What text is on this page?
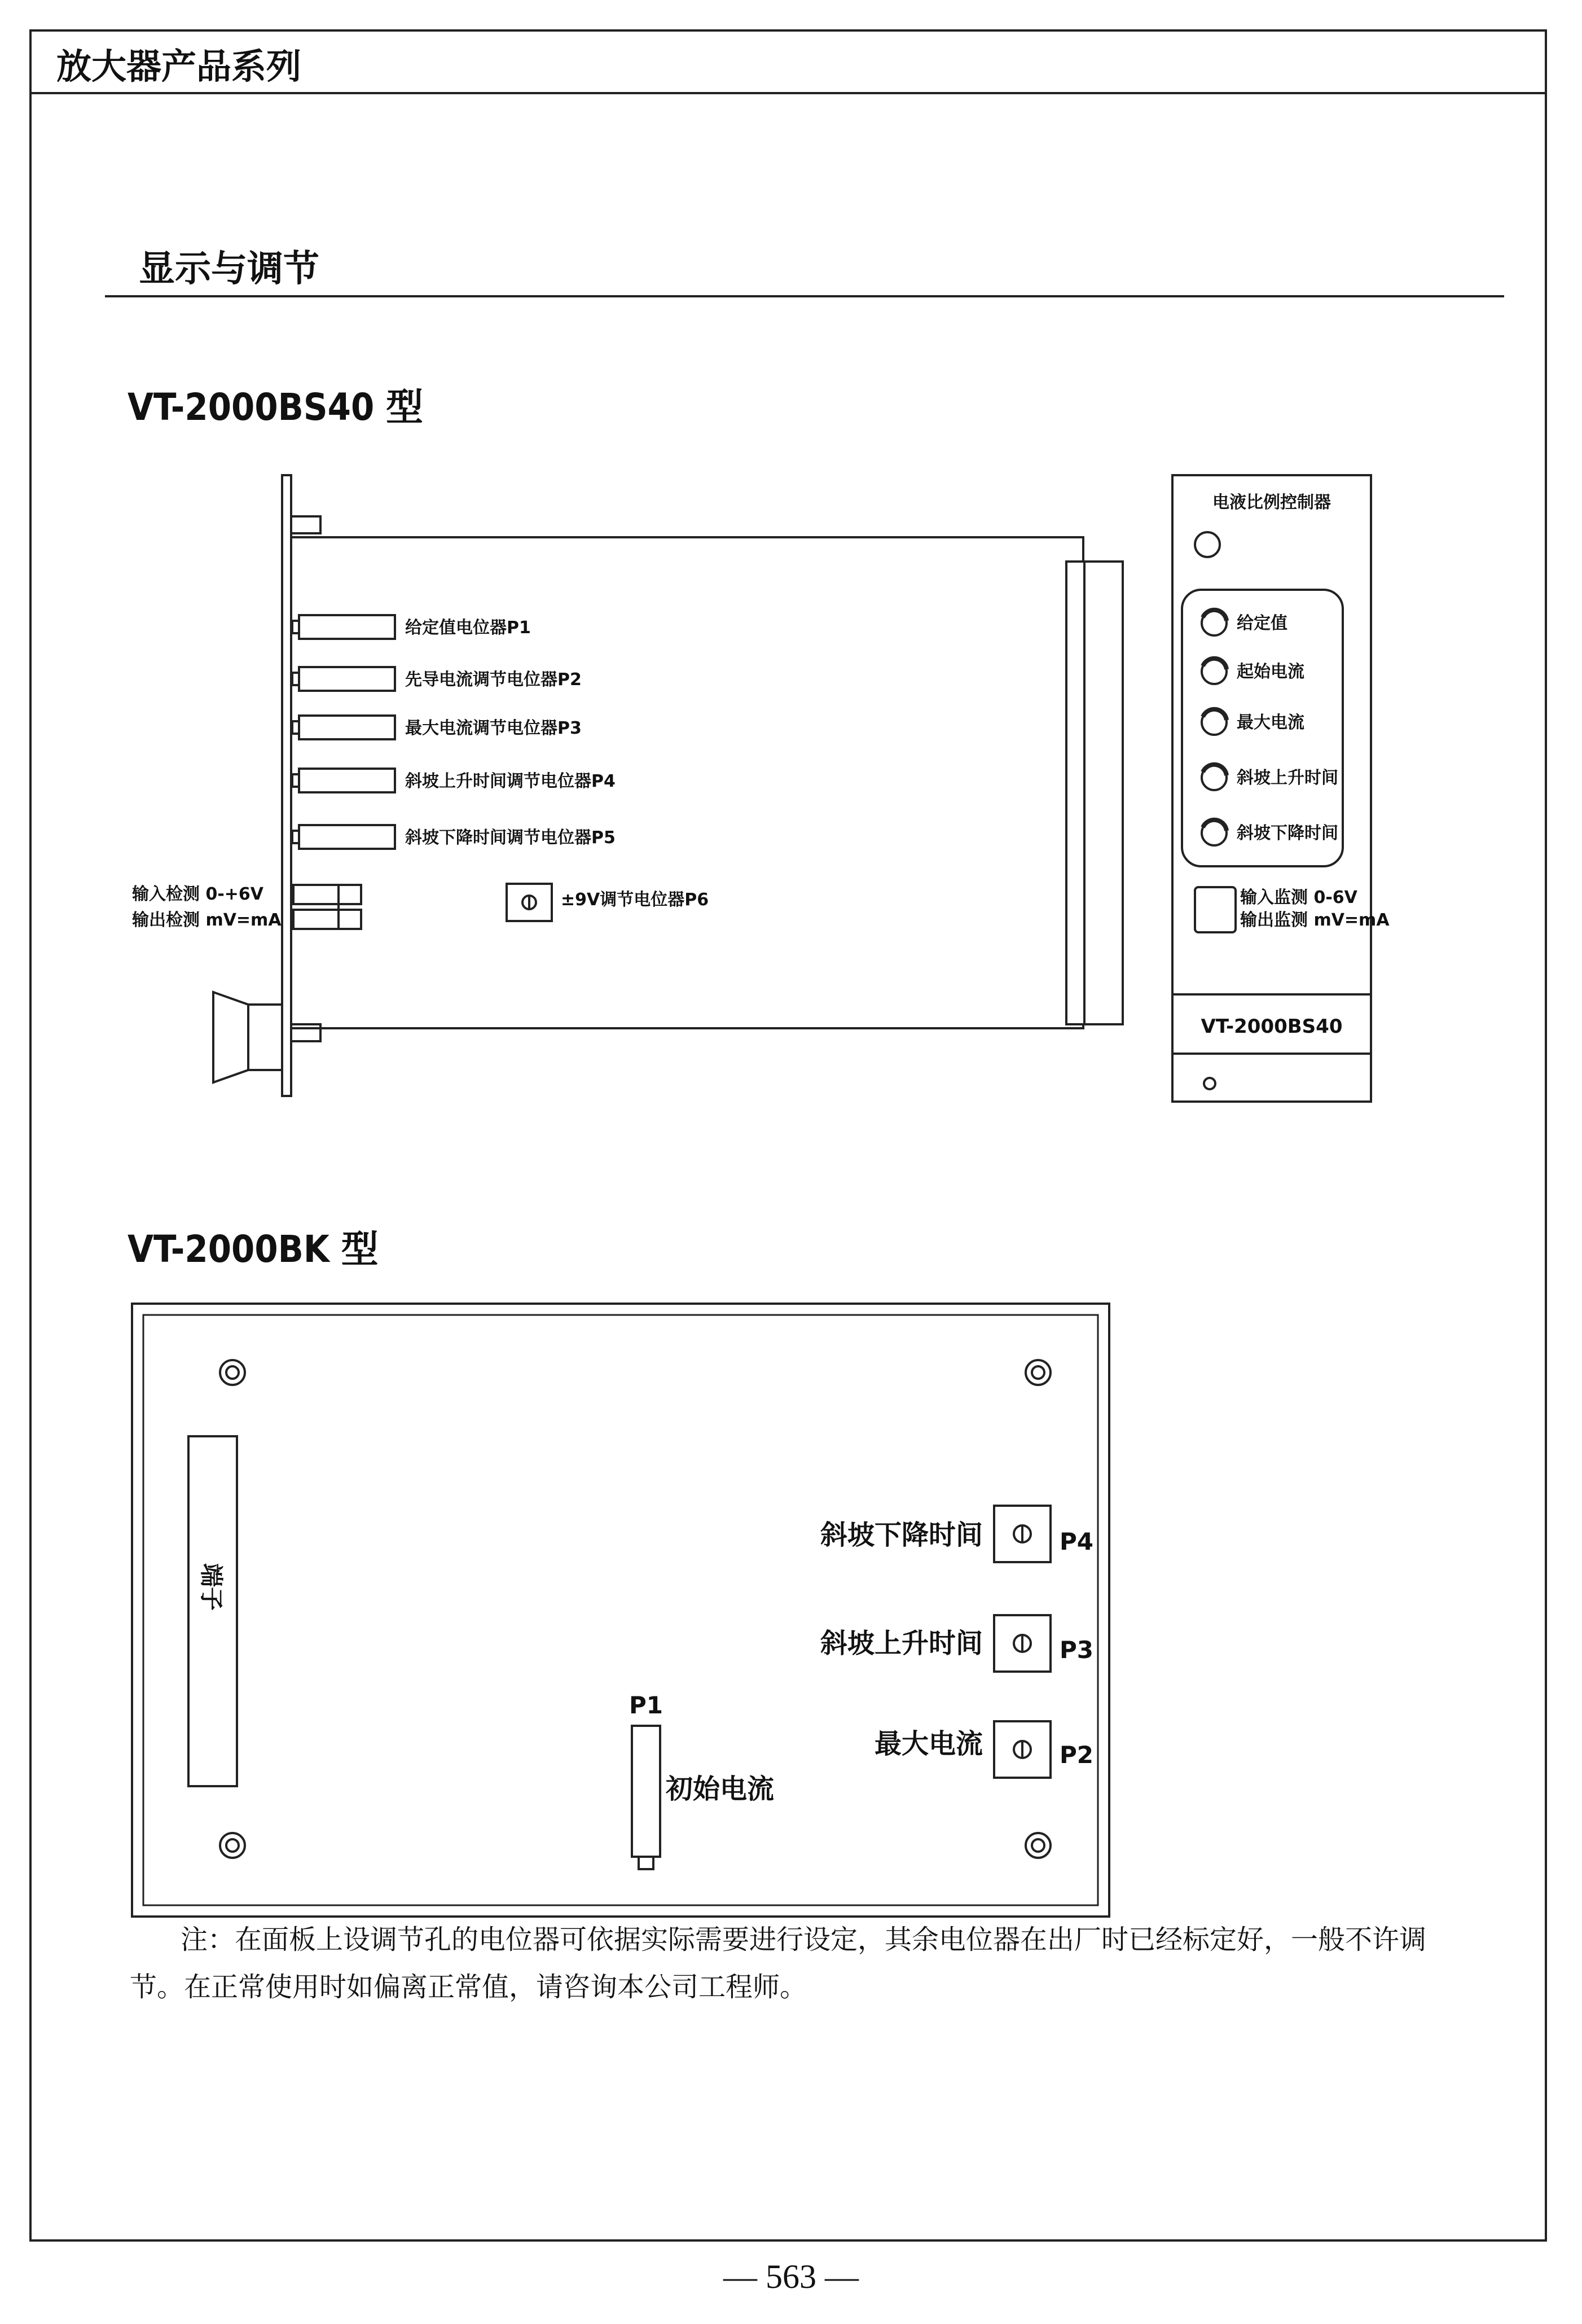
放大器产品系列
显示与调节
VT-2000BS40 型
VT-2000BK 型
给定值电位器P1
先导电流调节电位器P2
最大电流调节电位器P3
斜坡上升时间调节电位器P4
斜坡下降时间调节电位器P5
±9V调节电位器P6
输入检测 0-+6V
输出检测 mV=mA
电液比例控制器
给定值
起始电流
最大电流
斜坡上升时间
斜坡下降时间
输入监测 0-6V
输出监测 mV=mA
VT-2000BS40
端子
P1
初始电流
斜坡下降时间	P4
斜坡上升时间	P3
最大电流	P2
注：在面板上设调节孔的电位器可依据实际需要进行设定，其余电位器在出厂时已经标定好，一般不许调节。在正常使用时如偏离正常值，请咨询本公司工程师。
— 563 —
